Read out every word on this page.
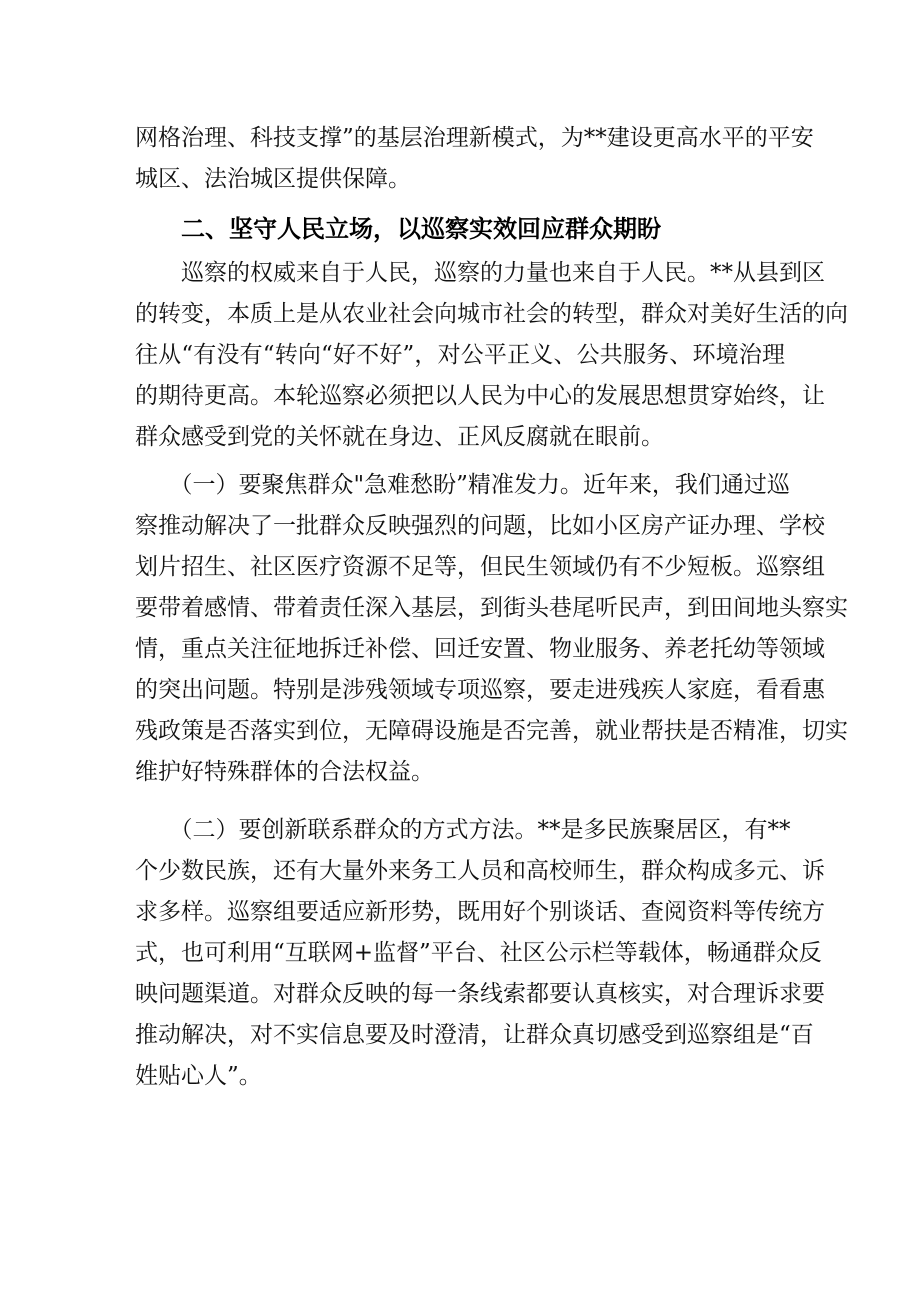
网格治理、科技支撑”的基层治理新模式，为**建设更高水平的平安
城区、法治城区提供保障。
二、坚守人民立场，以巡察实效回应群众期盼
　　巡察的权威来自于人民，巡察的力量也来自于人民。**从县到区
的转变，本质上是从农业社会向城市社会的转型，群众对美好生活的向
往从“有没有“转向“好不好”，对公平正义、公共服务、环境治理
的期待更高。本轮巡察必须把以人民为中心的发展思想贯穿始终，让
群众感受到党的关怀就在身边、正风反腐就在眼前。
　　（一）要聚焦群众"急难愁盼”精准发力。近年来，我们通过巡
察推动解决了一批群众反映强烈的问题，比如小区房产证办理、学校
划片招生、社区医疗资源不足等，但民生领域仍有不少短板。巡察组
要带着感情、带着责任深入基层，到街头巷尾听民声，到田间地头察实
情，重点关注征地拆迁补偿、回迁安置、物业服务、养老托幼等领域
的突出问题。特别是涉残领域专项巡察，要走进残疾人家庭，看看惠
残政策是否落实到位，无障碍设施是否完善，就业帮扶是否精准，切实
维护好特殊群体的合法权益。
　　（二）要创新联系群众的方式方法。**是多民族聚居区，有**
个少数民族，还有大量外来务工人员和高校师生，群众构成多元、诉
求多样。巡察组要适应新形势，既用好个别谈话、查阅资料等传统方
式，也可利用“互联网+监督”平台、社区公示栏等载体，畅通群众反
映问题渠道。对群众反映的每一条线索都要认真核实，对合理诉求要
推动解决，对不实信息要及时澄清，让群众真切感受到巡察组是“百
姓贴心人”。
